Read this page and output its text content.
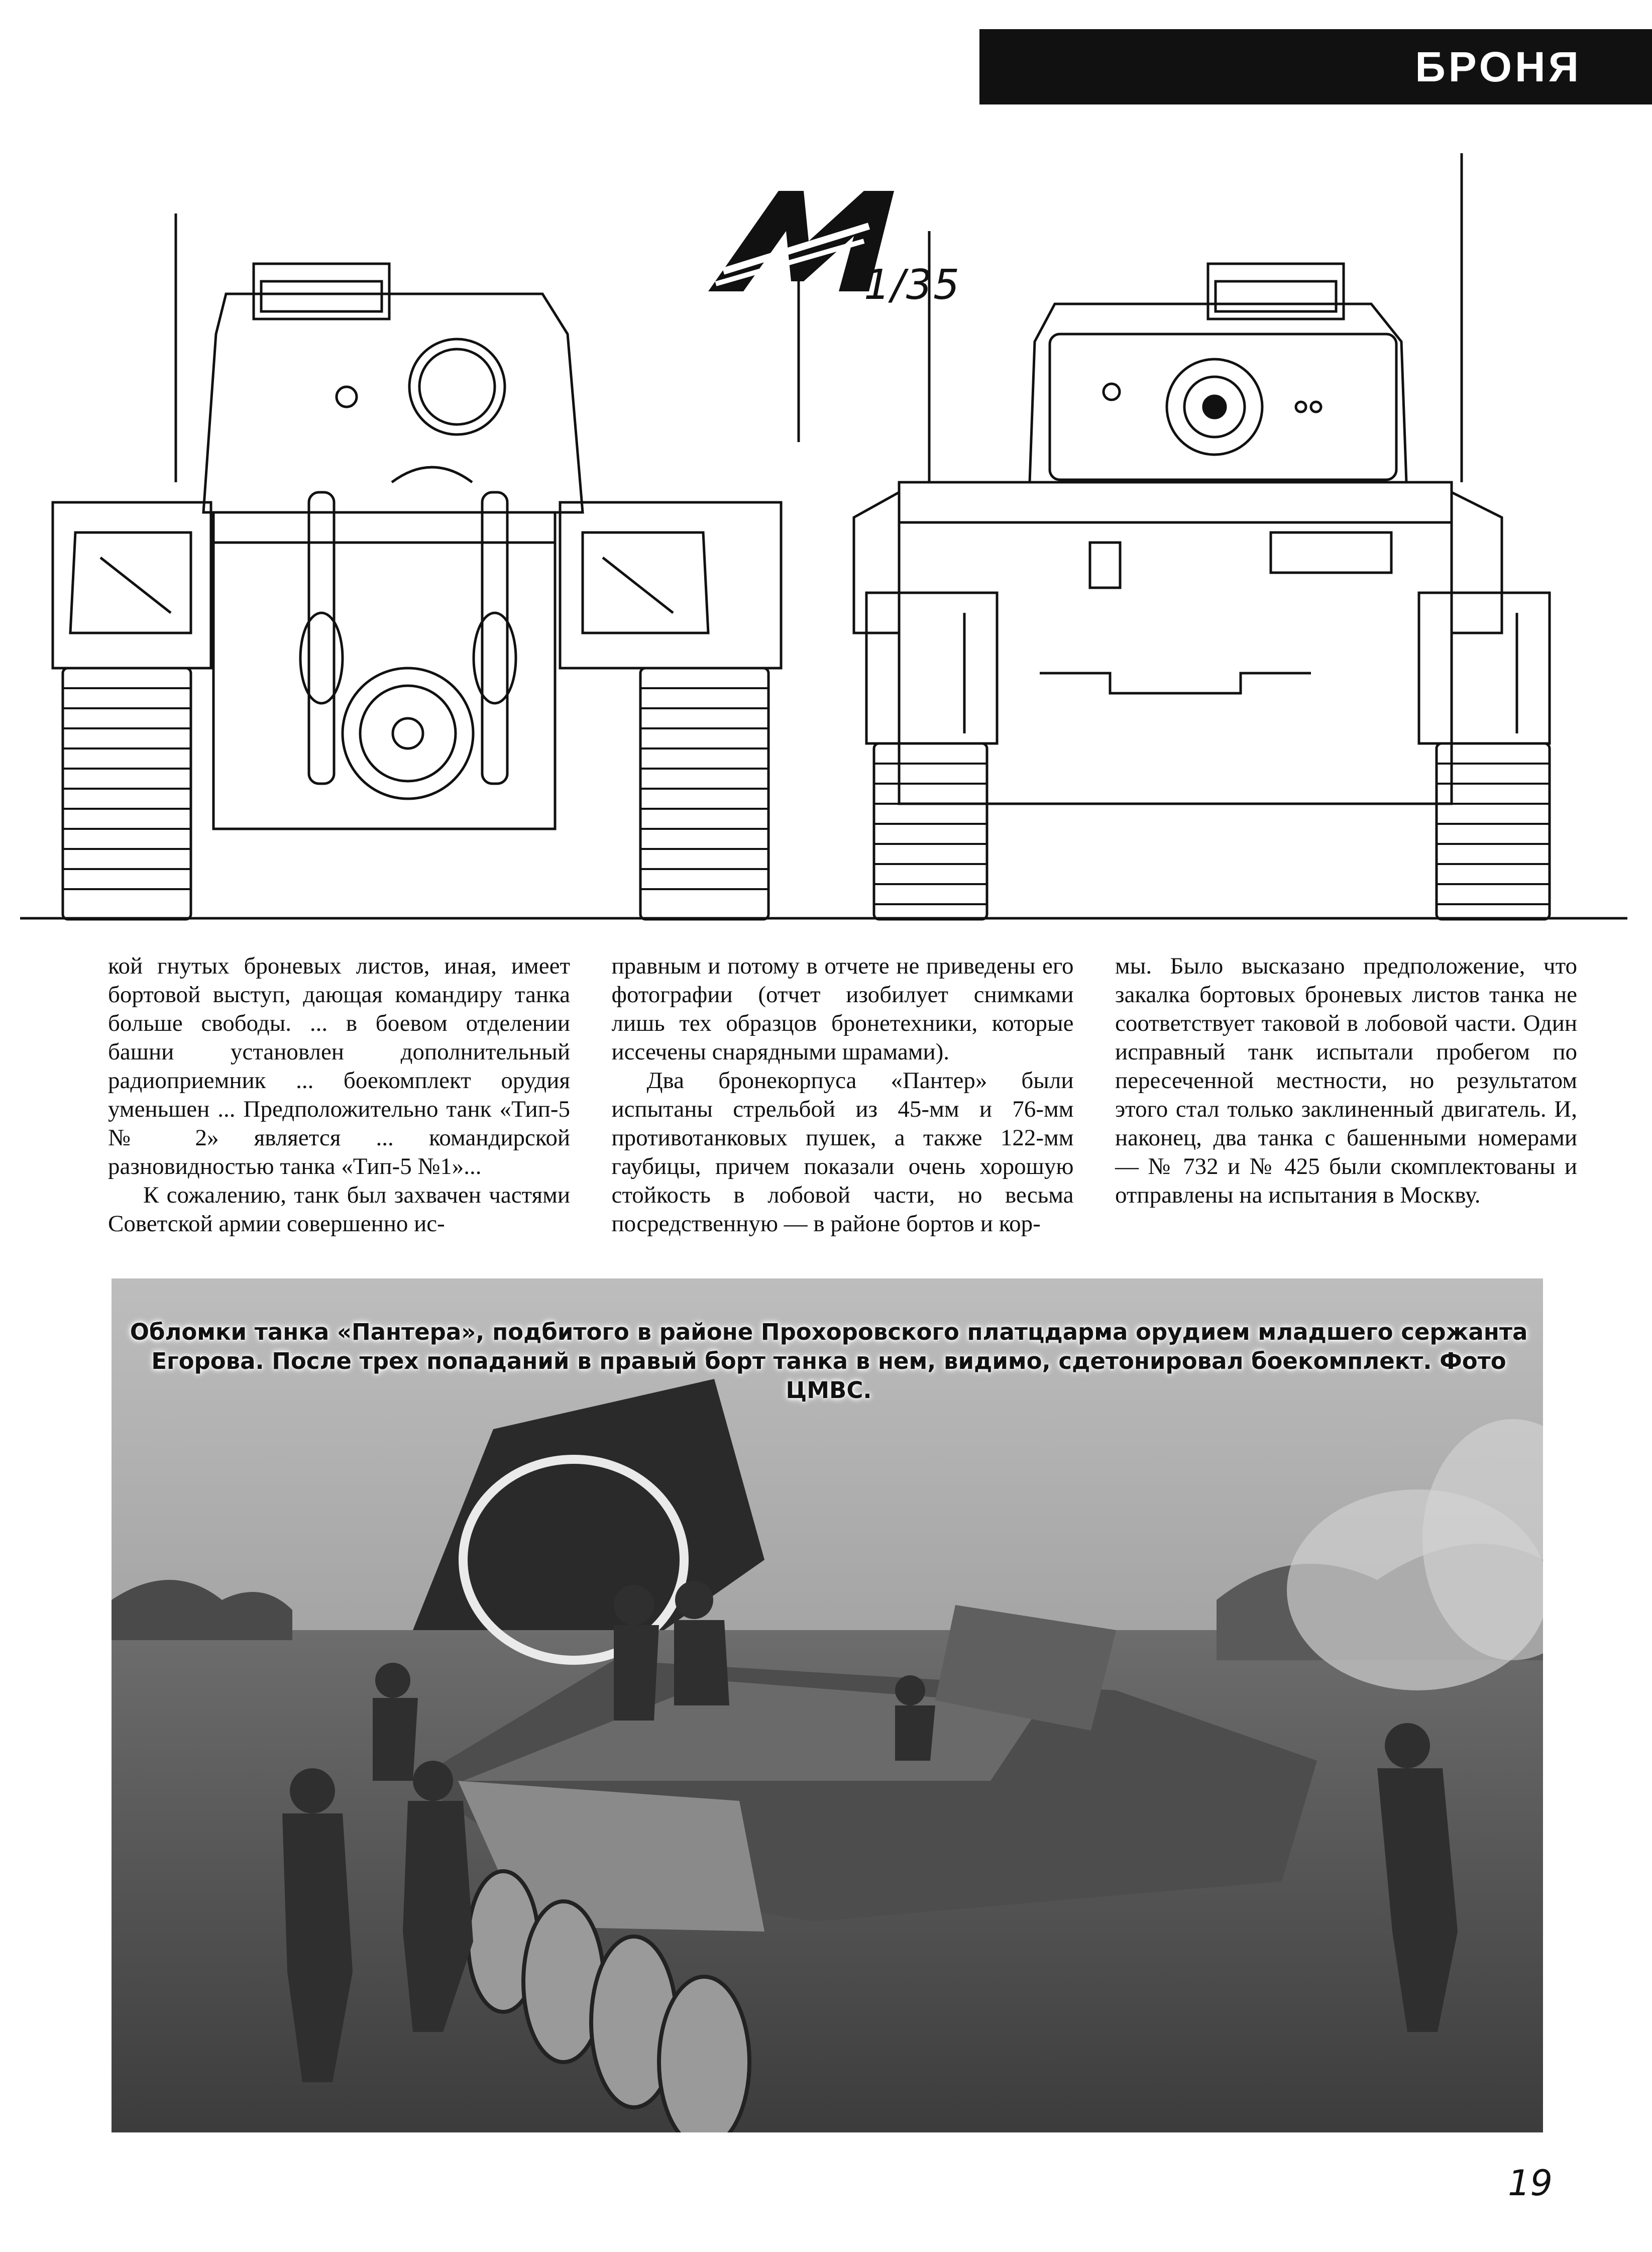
БРОНЯ
1/35

кой гнутых броневых листов, иная, имеет бортовой выступ, дающая командиру танка больше свободы. ... в боевом отделении башни установлен дополнительный радиоприемник ... боекомплект орудия уменьшен ... Предположительно танк «Тип-5 № 2» является ... командирской разновидностью танка «Тип-5 №1»...

К сожалению, танк был захвачен частями Советской армии совершенно ис-

правным и потому в отчете не приведены его фотографии (отчет изобилует снимками лишь тех образцов бронетехники, которые иссечены снарядными шрамами).

Два бронекорпуса «Пантер» были испытаны стрельбой из 45-мм и 76-мм противотанковых пушек, а также 122-мм гаубицы, причем показали очень хорошую стойкость в лобовой части, но весьма посредственную — в районе бортов и кор-

мы. Было высказано предположение, что закалка бортовых броневых листов танка не соответствует таковой в лобовой части. Один исправный танк испытали пробегом по пересеченной местности, но результатом этого стал только заклиненный двигатель. И, наконец, два танка с башенными номерами — № 732 и № 425 были скомплектованы и отправлены на испытания в Москву.

Обломки танка «Пантера», подбитого в районе Прохоровского платцдарма орудием младшего сержанта Егорова. После трех попаданий в правый борт танка в нем, видимо, сдетонировал боекомплект. Фото ЦМВС.
19
